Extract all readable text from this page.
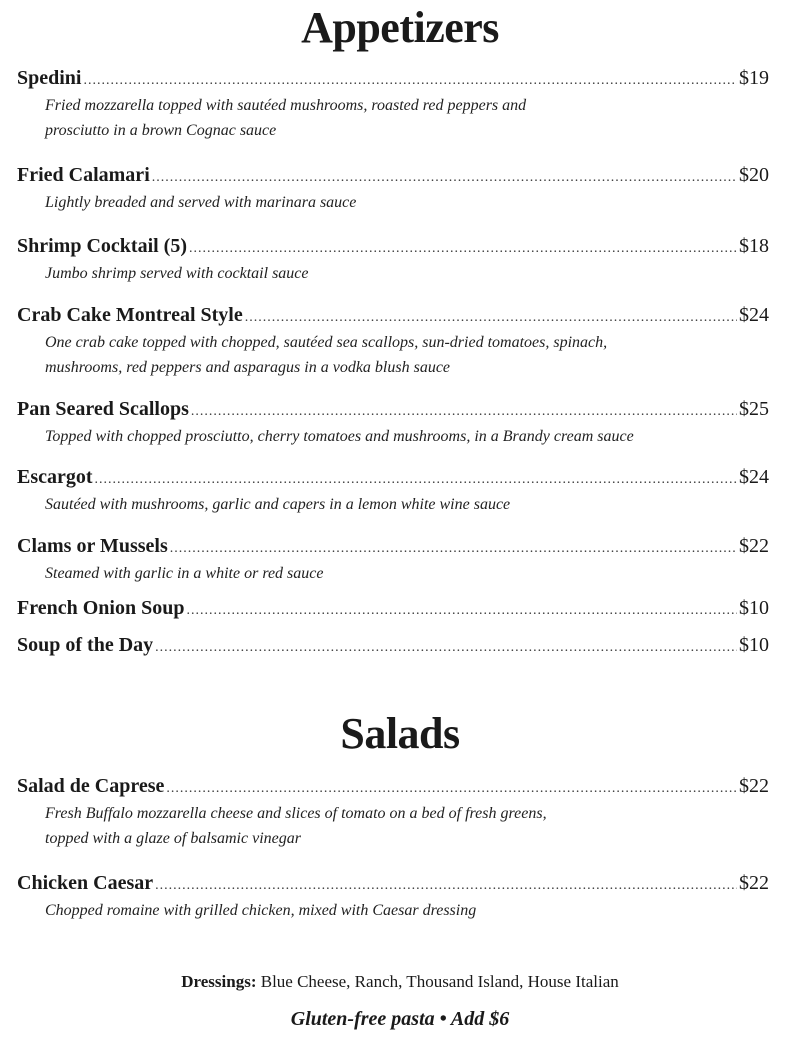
Appetizers
Spedini .....	$19
Fried mozzarella topped with sautéed mushrooms, roasted red peppers and
prosciutto in a brown Cognac sauce
Fried Calamari .....	$20
Lightly breaded and served with marinara sauce
Shrimp Cocktail (5) .....	$18
Jumbo shrimp served with cocktail sauce
Crab Cake Montreal Style .....	$24
One crab cake topped with chopped, sautéed sea scallops, sun-dried tomatoes, spinach,
mushrooms, red peppers and asparagus in a vodka blush sauce
Pan Seared Scallops .....	$25
Topped with chopped prosciutto, cherry tomatoes and mushrooms, in a Brandy cream sauce
Escargot .....	$24
Sautéed with mushrooms, garlic and capers in a lemon white wine sauce
Clams or Mussels .....	$22
Steamed with garlic in a white or red sauce
French Onion Soup .....	$10
Soup of the Day .....	$10
Salads
Salad de Caprese .....	$22
Fresh Buffalo mozzarella cheese and slices of tomato on a bed of fresh greens,
topped with a glaze of balsamic vinegar
Chicken Caesar .....	$22
Chopped romaine with grilled chicken, mixed with Caesar dressing
Dressings: Blue Cheese, Ranch, Thousand Island, House Italian
Gluten-free pasta • Add $6
